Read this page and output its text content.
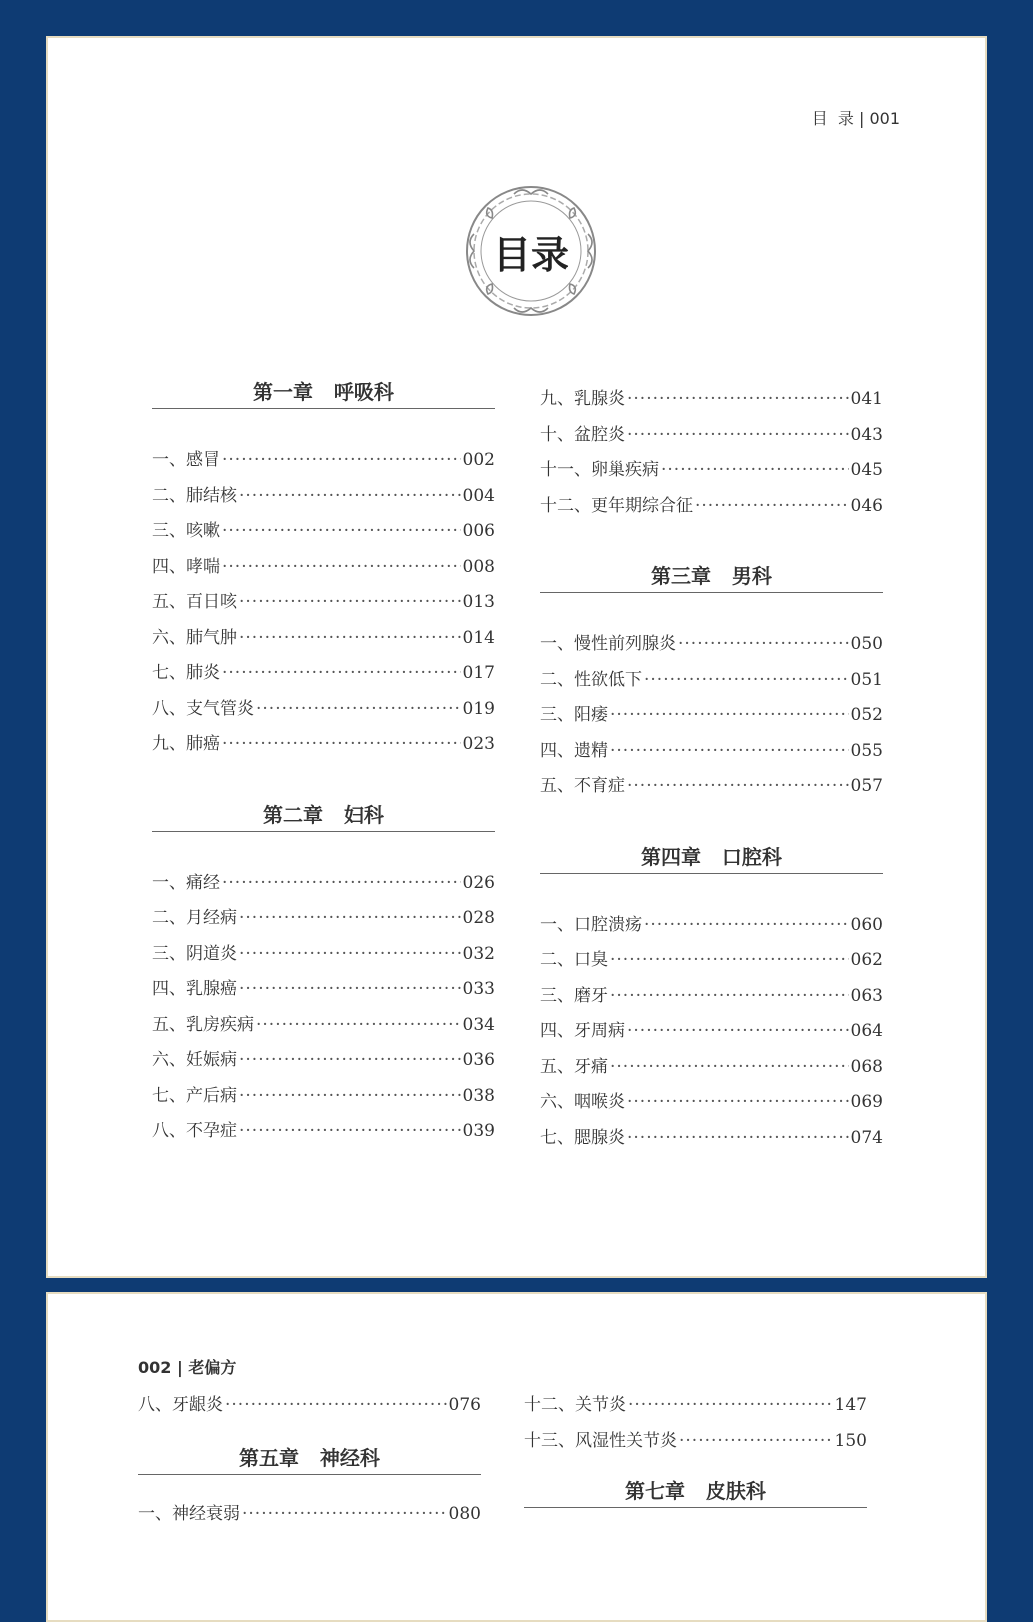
目  录 | 001
目录
第一章   呼吸科
一、感冒 ·····	002
二、肺结核 ·····	004
三、咳嗽 ·····	006
四、哮喘 ·····	008
五、百日咳 ·····	013
六、肺气肿 ·····	014
七、肺炎 ·····	017
八、支气管炎 ·····	019
九、肺癌 ·····	023
第二章   妇科
一、痛经 ·····	026
二、月经病 ·····	028
三、阴道炎 ·····	032
四、乳腺癌 ·····	033
五、乳房疾病 ·····	034
六、妊娠病 ·····	036
七、产后病 ·····	038
八、不孕症 ·····	039
九、乳腺炎 ·····	041
十、盆腔炎 ·····	043
十一、卵巢疾病 ·····	045
十二、更年期综合征 ·····	046
第三章   男科
一、慢性前列腺炎 ·····	050
二、性欲低下 ·····	051
三、阳痿 ·····	052
四、遗精 ·····	055
五、不育症 ·····	057
第四章   口腔科
一、口腔溃疡 ·····	060
二、口臭 ·····	062
三、磨牙 ·····	063
四、牙周病 ·····	064
五、牙痛 ·····	068
六、咽喉炎 ·····	069
七、腮腺炎 ·····	074
002 | 老偏方
八、牙龈炎 ·····	076
第五章   神经科
一、神经衰弱 ·····	080
十二、关节炎 ·····	147
十三、风湿性关节炎 ·····	150
第七章   皮肤科
